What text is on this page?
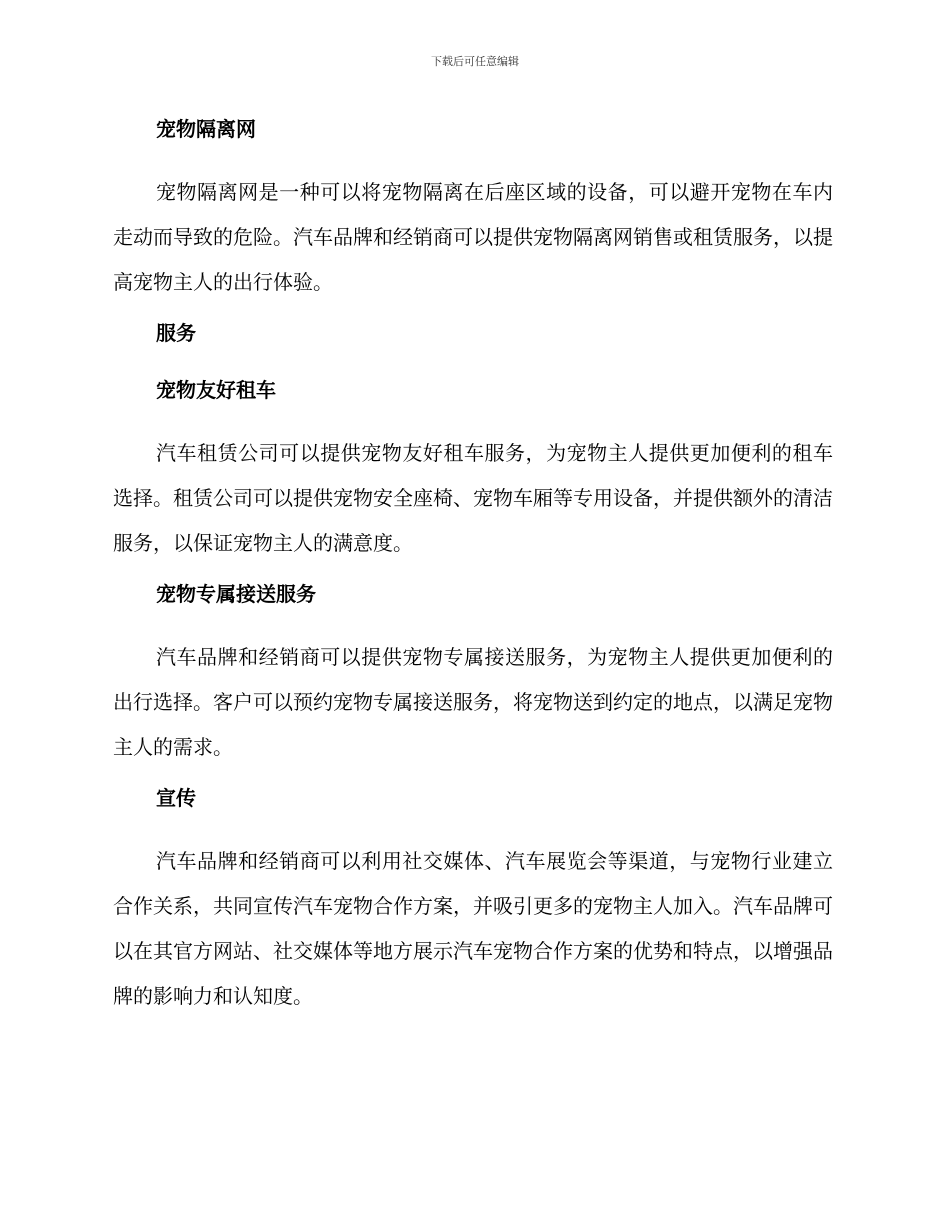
下载后可任意编辑
宠物隔离网

宠物隔离网是一种可以将宠物隔离在后座区域的设备，可以避开宠物在车内走动而导致的危险。汽车品牌和经销商可以提供宠物隔离网销售或租赁服务，以提高宠物主人的出行体验。

服务
宠物友好租车

汽车租赁公司可以提供宠物友好租车服务，为宠物主人提供更加便利的租车选择。租赁公司可以提供宠物安全座椅、宠物车厢等专用设备，并提供额外的清洁服务，以保证宠物主人的满意度。

宠物专属接送服务

汽车品牌和经销商可以提供宠物专属接送服务，为宠物主人提供更加便利的出行选择。客户可以预约宠物专属接送服务，将宠物送到约定的地点，以满足宠物主人的需求。

宣传

汽车品牌和经销商可以利用社交媒体、汽车展览会等渠道，与宠物行业建立合作关系，共同宣传汽车宠物合作方案，并吸引更多的宠物主人加入。汽车品牌可以在其官方网站、社交媒体等地方展示汽车宠物合作方案的优势和特点，以增强品牌的影响力和认知度。
